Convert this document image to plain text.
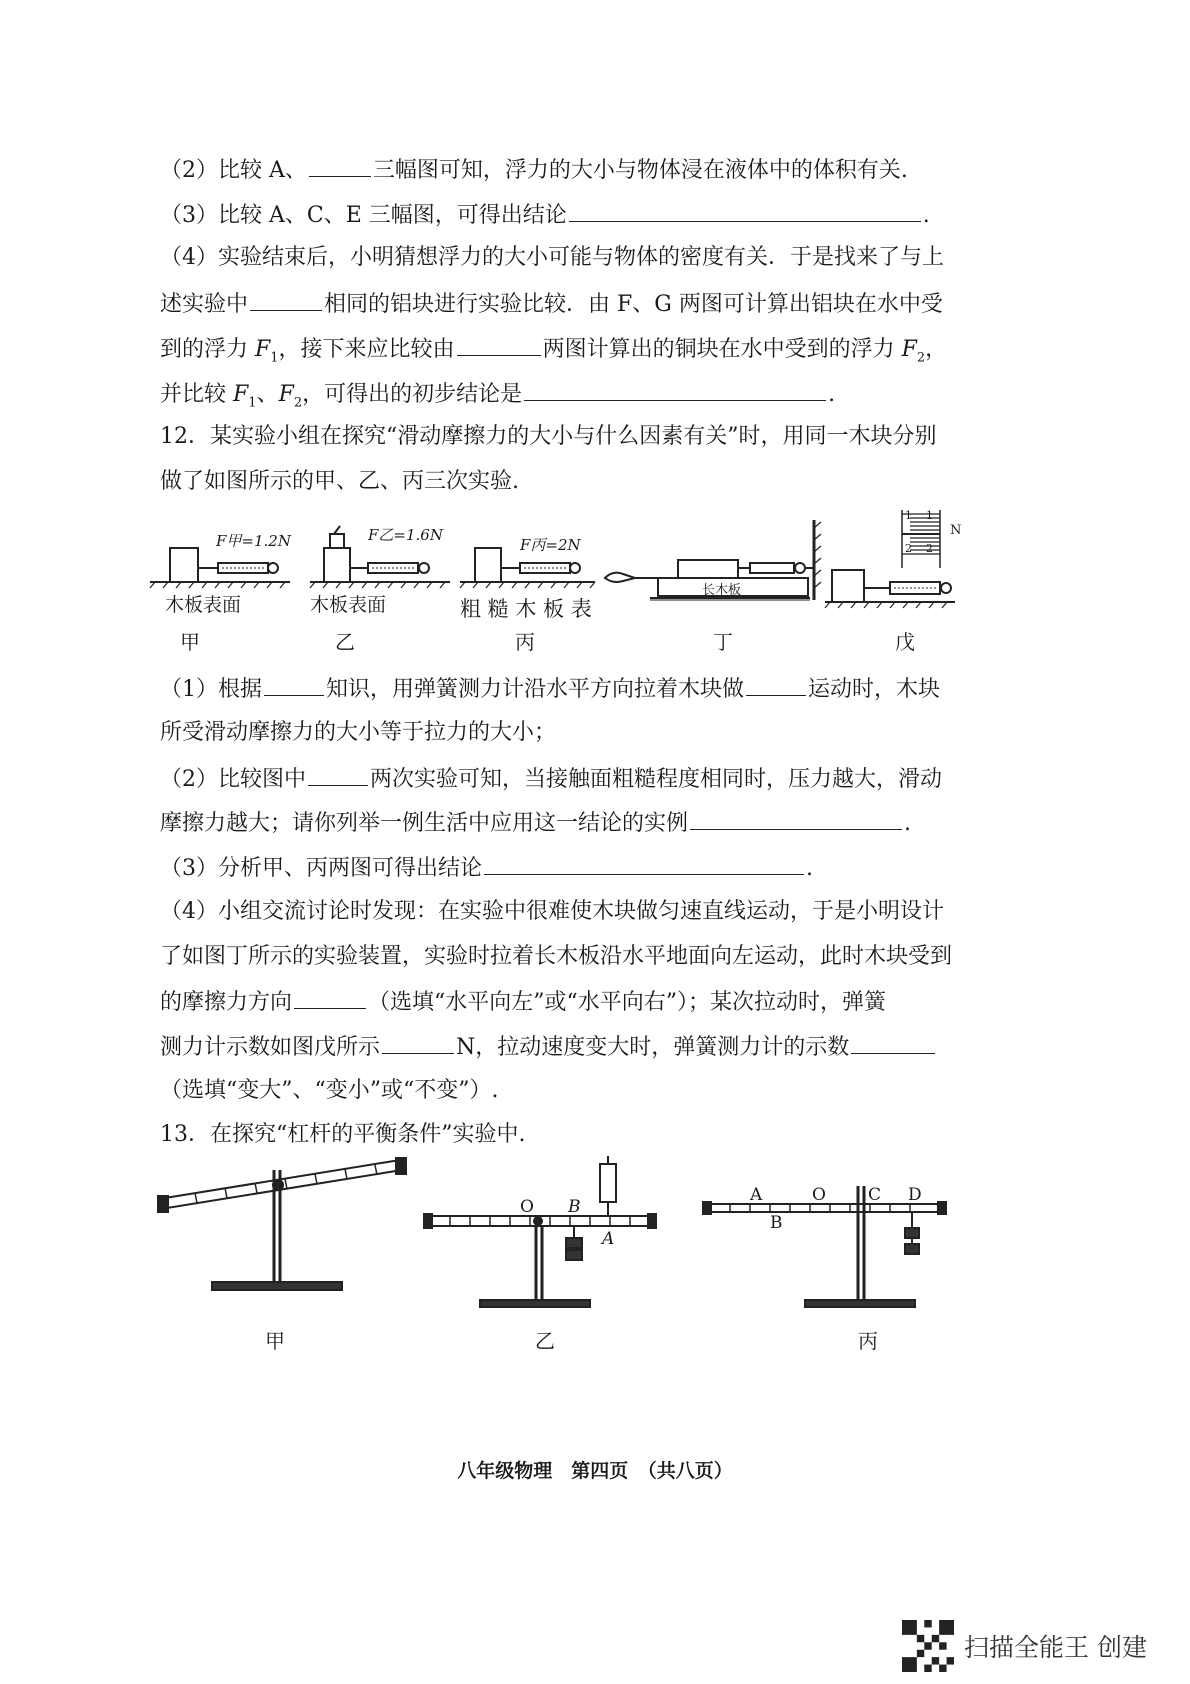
（2）比较 A、	三幅图可知，浮力的大小与物体浸在液体中的体积有关.
（3）比较 A、C、E 三幅图，可得出结论	.
（4）实验结束后，小明猜想浮力的大小可能与物体的密度有关．于是找来了与上
述实验中	相同的铝块进行实验比较．由 F、G 两图可计算出铝块在水中受
到的浮力 $F_1$，接下来应比较由	两图计算出的铜块在水中受到的浮力 $F_2$，
并比较 $F_1$、$F_2$，可得出的初步结论是	.
12．某实验小组在探究“滑动摩擦力的大小与什么因素有关”时，用同一木块分别
做了如图所示的甲、乙、丙三次实验.
F甲=1.2N	F乙=1.6N
F丙=2N
长木板
N
1
2
1
2
木板表面	木板表面	粗 糙 木 板 表
甲	乙	丙	丁	戊
（1）根据	知识，用弹簧测力计沿水平方向拉着木块做	运动时，木块
所受滑动摩擦力的大小等于拉力的大小；
（2）比较图中	两次实验可知，当接触面粗糙程度相同时，压力越大，滑动
摩擦力越大；请你列举一例生活中应用这一结论的实例	.
（3）分析甲、丙两图可得出结论	.
（4）小组交流讨论时发现：在实验中很难使木块做匀速直线运动，于是小明设计
了如图丁所示的实验装置，实验时拉着长木板沿水平地面向左运动，此时木块受到
的摩擦力方向	（选填“水平向左”或“水平向右”）；某次拉动时，弹簧
测力计示数如图戊所示	N，拉动速度变大时，弹簧测力计的示数
（选填“变大”、“变小”或“不变”）.
13．在探究“杠杆的平衡条件”实验中.
O B
A
A	O C D
B
甲	乙	丙
八年级物理　第四页　（共八页）
扫描全能王 创建
